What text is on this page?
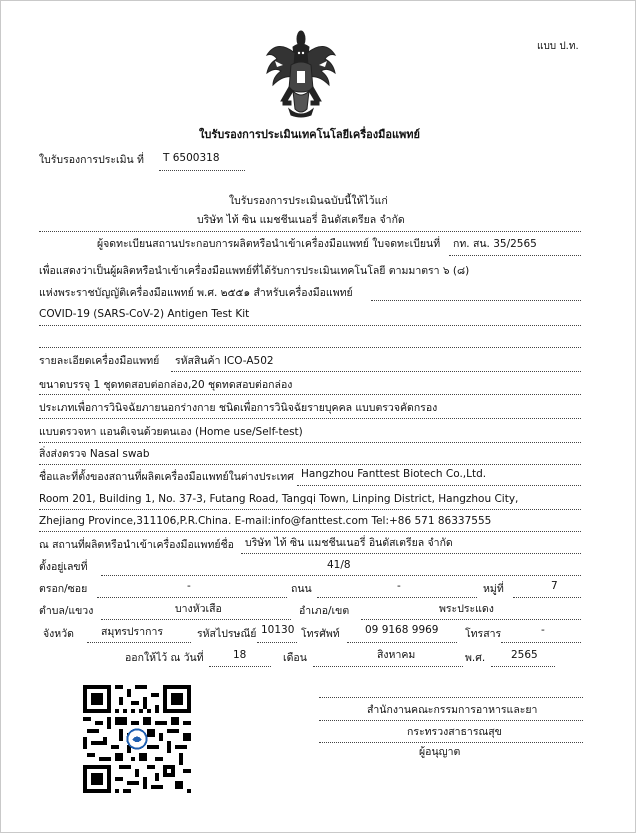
แบบ ป.ท.
ใบรับรองการประเมินเทคโนโลยีเครื่องมือแพทย์
ใบรับรองการประเมิน ที่ T 6500318
ใบรับรองการประเมินฉบับนี้ให้ไว้แก่
บริษัท ไท้ ซิน แมชชีนเนอรี่ อินดัสเตรียล จำกัด
ผู้จดทะเบียนสถานประกอบการผลิตหรือนำเข้าเครื่องมือแพทย์ ใบจดทะเบียนที่ กท. สน. 35/2565
เพื่อแสดงว่าเป็นผู้ผลิตหรือนำเข้าเครื่องมือแพทย์ที่ได้รับการประเมินเทคโนโลยี ตามมาตรา ๖ (๘)
แห่งพระราชบัญญัติเครื่องมือแพทย์ พ.ศ. ๒๕๕๑ สำหรับเครื่องมือแพทย์
COVID-19 (SARS-CoV-2) Antigen Test Kit
รายละเอียดเครื่องมือแพทย์ รหัสสินค้า ICO-A502
ขนาดบรรจุ 1 ชุดทดสอบต่อกล่อง,20 ชุดทดสอบต่อกล่อง
ประเภทเพื่อการวินิจฉัยภายนอกร่างกาย ชนิดเพื่อการวินิจฉัยรายบุคคล แบบตรวจคัดกรอง
แบบตรวจหา แอนติเจนด้วยตนเอง (Home use/Self-test)
สิ่งส่งตรวจ Nasal swab
ชื่อและที่ตั้งของสถานที่ผลิตเครื่องมือแพทย์ในต่างประเทศ Hangzhou Fanttest Biotech Co.,Ltd.
Room 201, Building 1, No. 37-3, Futang Road, Tangqi Town, Linping District, Hangzhou City,
Zhejiang Province,311106,P.R.China. E-mail:info@fanttest.com Tel:+86 571 86337555
ณ สถานที่ผลิตหรือนำเข้าเครื่องมือแพทย์ชื่อ บริษัท ไท้ ซิน แมชชีนเนอรี่ อินดัสเตรียล จำกัด
ตั้งอยู่เลขที่	41/8
ตรอก/ซอย	-	ถนน	-	หมู่ที่	7
ตำบล/แขวง	บางหัวเสือ	อำเภอ/เขต	พระประแดง
จังหวัด	สมุทรปราการ	รหัสไปรษณีย์ 10130 โทรศัพท์ 09 9168 9969	โทรสาร	-
ออกให้ไว้ ณ วันที่	18	เดือน	สิงหาคม	พ.ศ. 2565
สำนักงานคณะกรรมการอาหารและยา
กระทรวงสาธารณสุข
ผู้อนุญาต
